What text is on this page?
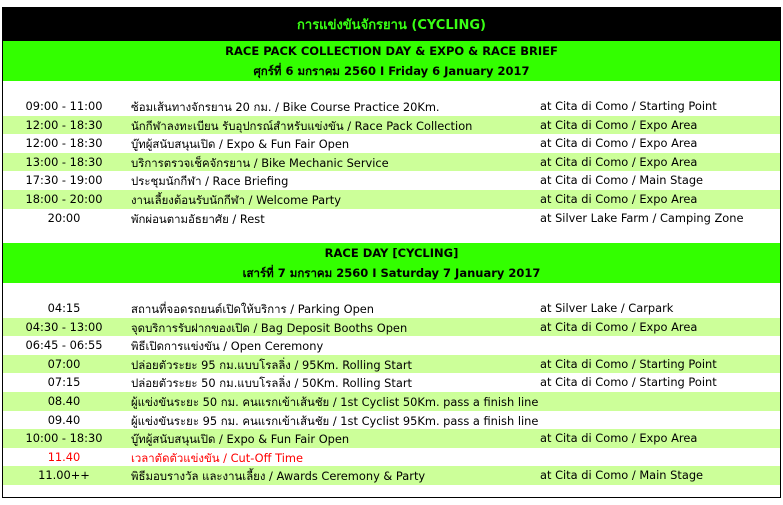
การแข่งขันจักรยาน (CYCLING)
RACE PACK COLLECTION DAY & EXPO & RACE BRIEF
ศุกร์ที่ 6 มกราคม 2560 I Friday 6 January 2017
09:00 - 11:00	ซ้อมเส้นทางจักรยาน 20 กม. / Bike Course Practice 20Km.	at Cita di Como / Starting Point
12:00 - 18:30	นักกีฬาลงทะเบียน รับอุปกรณ์สำหรับแข่งขัน / Race Pack Collection	at Cita di Como / Expo Area
12:00 - 18:30	บู๊ทผู้สนับสนุนเปิด / Expo & Fun Fair Open	at Cita di Como / Expo Area
13:00 - 18:30	บริการตรวจเช็คจักรยาน / Bike Mechanic Service	at Cita di Como / Expo Area
17:30 - 19:00	ประชุมนักกีฬา / Race Briefing	at Cita di Como / Main Stage
18:00 - 20:00	งานเลี้ยงต้อนรับนักกีฬา / Welcome Party	at Cita di Como / Expo Area
20:00	พักผ่อนตามอัธยาศัย / Rest	at Silver Lake Farm / Camping Zone
RACE DAY [CYCLING]
เสาร์ที่ 7 มกราคม 2560 I Saturday 7 January 2017
04:15	สถานที่จอดรถยนต์เปิดให้บริการ / Parking Open	at Silver Lake / Carpark
04:30 - 13:00	จุดบริการรับฝากของเปิด / Bag Deposit Booths Open	at Cita di Como / Expo Area
06:45 - 06:55	พิธีเปิดการแข่งขัน / Open Ceremony
07:00	ปล่อยตัวระยะ 95 กม.แบบโรลลิ่ง / 95Km. Rolling Start	at Cita di Como / Starting Point
07:15	ปล่อยตัวระยะ 50 กม.แบบโรลลิ่ง / 50Km. Rolling Start	at Cita di Como / Starting Point
08.40	ผู้แข่งขันระยะ 50 กม. คนแรกเข้าเส้นชัย / 1st Cyclist 50Km. pass a finish line
09.40	ผู้แข่งขันระยะ 95 กม. คนแรกเข้าเส้นชัย / 1st Cyclist 95Km. pass a finish line
10:00 - 18:30	บู๊ทผู้สนับสนุนเปิด / Expo & Fun Fair Open	at Cita di Como / Expo Area
11.40	เวลาตัดตัวแข่งขัน / Cut-Off Time
11.00++	พิธีมอบรางวัล และงานเลี้ยง / Awards Ceremony & Party	at Cita di Como / Main Stage
